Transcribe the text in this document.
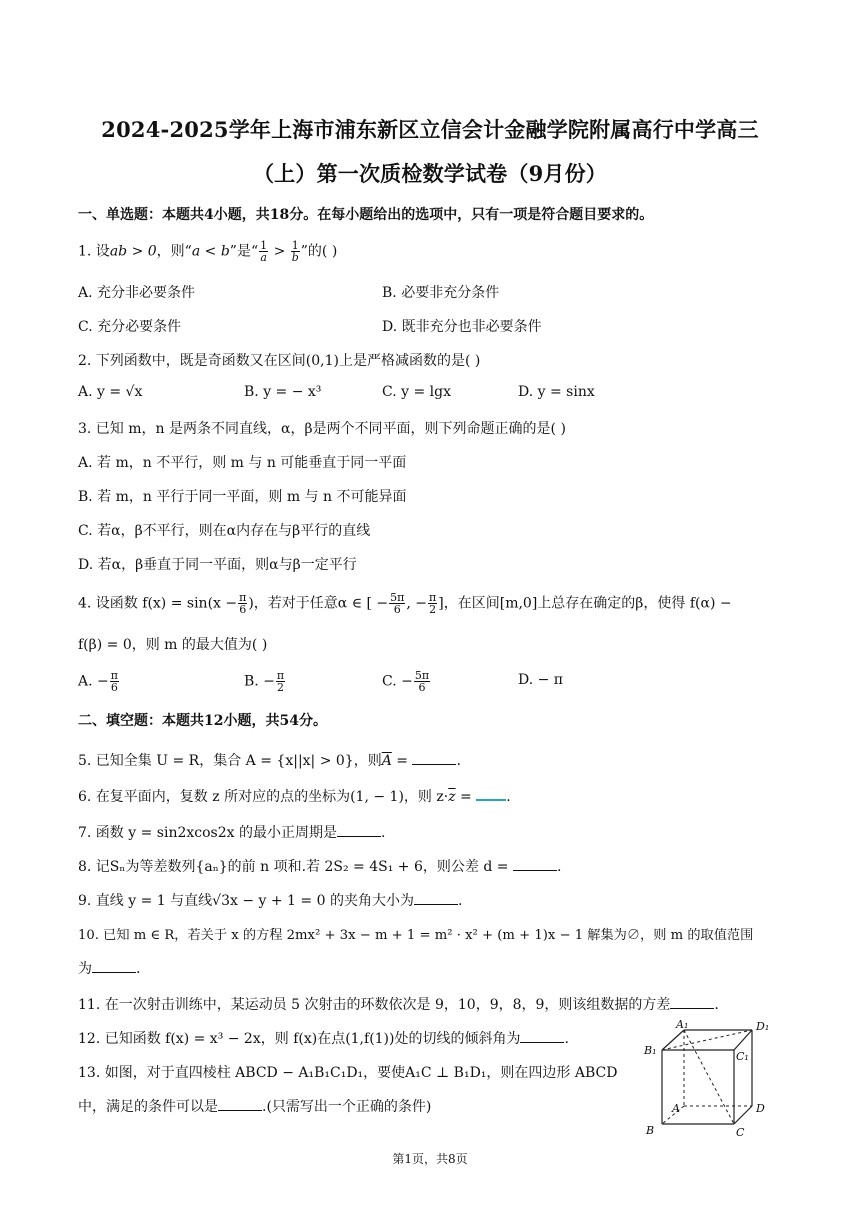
2024-2025学年上海市浦东新区立信会计金融学院附属高行中学高三
（上）第一次质检数学试卷（9月份）
一、单选题：本题共4小题，共18分。在每小题给出的选项中，只有一项是符合题目要求的。
1. 设ab > 0，则“a < b”是“ $\frac{1}{a} > \frac{1}{b}$ ”的( )
A. 充分非必要条件	B. 必要非充分条件
C. 充分必要条件	D. 既非充分也非必要条件
2. 下列函数中，既是奇函数又在区间(0,1)上是严格减函数的是( )
A. y = √x	B. y = − x³	C. y = lgx	D. y = sinx
3. 已知 m，n 是两条不同直线，α，β是两个不同平面，则下列命题正确的是( )
A. 若 m，n 不平行，则 m 与 n 可能垂直于同一平面
B. 若 m，n 平行于同一平面，则 m 与 n 不可能异面
C. 若α，β不平行，则在α内存在与β平行的直线
D. 若α，β垂直于同一平面，则α与β一定平行
4. 设函数 $f(x) = \sin(x - \frac{\pi}{6}$ )，若对于任意α ∈ [ − $\frac{5\pi}{6}$ , − $\frac{\pi}{2}$ ]，在区间[m,0]上总存在确定的β，使得 f(α) −
f(β) = 0，则 m 的最大值为( )
A. − $\frac{\pi}{6}$	B. − $\frac{\pi}{2}$	C. − $\frac{5\pi}{6}$	D. − π
二、填空题：本题共12小题，共54分。
5. 已知全集 U = R，集合 A = {x||x| > 0}，则$\overline{A}$ =	.
6. 在复平面内，复数 z 所对应的点的坐标为(1, − 1)，则 $z\cdot\overline{z}$ = .
7. 函数 y = sin2xcos2x 的最小正周期是	.
8. 记Sₙ为等差数列{aₙ}的前 n 项和.若 2S₂ = 4S₁ + 6，则公差 d =	.
9. 直线 y = 1 与直线√3x − y + 1 = 0 的夹角大小为	.
10. 已知 m ∈ R，若关于 x 的方程 2mx² + 3x − m + 1 = m² · x² + (m + 1)x − 1 解集为∅，则 m 的取值范围
为	.
11. 在一次射击训练中，某运动员 5 次射击的环数依次是 9，10，9，8，9，则该组数据的方差	.
12. 已知函数 f(x) = x³ − 2x，则 f(x)在点(1,f(1))处的切线的倾斜角为	.
13. 如图，对于直四棱柱 ABCD − A₁B₁C₁D₁，要使A₁C ⊥ B₁D₁，则在四边形 ABCD
中，满足的条件可以是	.(只需写出一个正确的条件)
A₁	D₁
B₁	C₁
A	D
B	C
第1页，共8页
